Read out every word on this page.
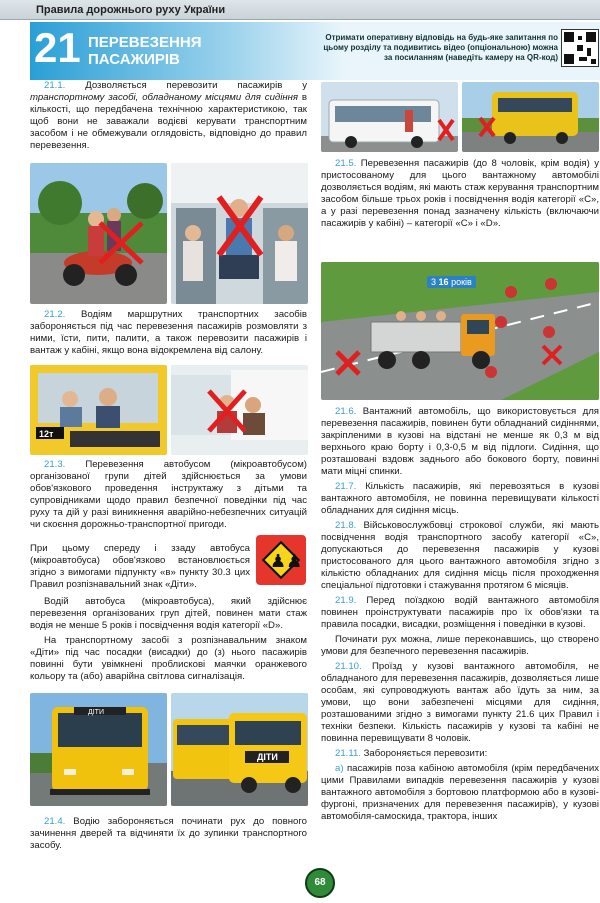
Правила дорожнього руху України
21 ПЕРЕВЕЗЕННЯ
ПАСАЖИРІВ
Отримати оперативну відповідь на будь-яке запитання по цьому розділу та подивитись відео (опціональною) можна за посиланням (наведіть камеру на QR-код)

21.1. Дозволяється перевозити пасажирів у транспортному засобі, обладнаному місцями для сидіння в кількості, що передбачена технічною характеристикою, так щоб вони не заважали водієві керувати транспортним засобом і не обмежували оглядовість, відповідно до правил перевезення.

21.2. Водіям маршрутних транспортних засобів забороняється під час перевезення пасажирів розмовляти з ними, їсти, пити, палити, а також перевозити пасажирів і вантаж у кабіні, якщо вона відокремлена від салону.

12т

21.3. Перевезення автобусом (мікроавтобусом) організованої групи дітей здійснюється за умови обов'язкового проведення інструктажу з дітьми та супровідниками щодо правил безпечної поведінки під час руху та дій у разі виникнення аварійно-небезпечних ситуацій чи скоєння дорожньо-транспортної пригоди.

При цьому спереду і ззаду автобуса (мікроавтобуса) обов'язково встановлюється згідно з вимогами підпункту «в» пункту 30.3 цих Правил розпізнавальний знак «Діти».

♟♟

Водій автобуса (мікроавтобуса), який здійснює перевезення організованих груп дітей, повинен мати стаж водія не менше 5 років і посвідчення водія категорії «D».

На транспортному засобі з розпізнавальним знаком «Діти» під час посадки (висадки) до (з) нього пасажирів повинні бути увімкнені проблискові маячки оранжевого кольору та (або) аварійна світлова сигналізація.

ДІТИ
ДІТИ

21.4. Водію забороняється починати рух до повного зачинення дверей та відчиняти їх до зупинки транспортного засобу.

21.5. Перевезення пасажирів (до 8 чоловік, крім водія) у пристосованому для цього вантажному автомобілі дозволяється водіям, які мають стаж керування транспортним засобом більше трьох років і посвідчення водія категорії «С», а у разі перевезення понад зазначену кількість (включаючи пасажирів у кабіні) – категорії «С» і «D».

3 16 років

21.6. Вантажний автомобіль, що використовується для перевезення пасажирів, повинен бути обладнаний сидіннями, закріпленими в кузові на відстані не менше як 0,3 м від верхнього краю борту і 0,3-0,5 м від підлоги. Сидіння, що розташовані вздовж заднього або бокового борту, повинні мати міцні спинки.

21.7. Кількість пасажирів, які перевозяться в кузові вантажного автомобіля, не повинна перевищувати кількості обладнаних для сидіння місць.

21.8. Військовослужбовці строкової служби, які мають посвідчення водія транспортного засобу категорії «С», допускаються до перевезення пасажирів у кузові пристосованого для цього вантажного автомобіля згідно з кількістю обладнаних для сидіння місць після проходження спеціальної підготовки і стажування протягом 6 місяців.

21.9. Перед поїздкою водій вантажного автомобіля повинен проінструктувати пасажирів про їх обов'язки та правила посадки, висадки, розміщення і поведінки в кузові.

Починати рух можна, лише переконавшись, що створено умови для безпечного перевезення пасажирів.

21.10. Проїзд у кузові вантажного автомобіля, не обладнаного для перевезення пасажирів, дозволяється лише особам, які супроводжують вантаж або їдуть за ним, за умови, що вони забезпечені місцями для сидіння, розташованими згідно з вимогами пункту 21.6 цих Правил і техніки безпеки. Кількість пасажирів у кузові та кабіні не повинна перевищувати 8 чоловік.

21.11. Забороняється перевозити:

а) пасажирів поза кабіною автомобіля (крім передбачених цими Правилами випадків перевезення пасажирів у кузові вантажного автомобіля з бортовою платформою або в кузові-фургоні, призначених для перевезення пасажирів), у кузові автомобіля-самоскида, трактора, інших

68
